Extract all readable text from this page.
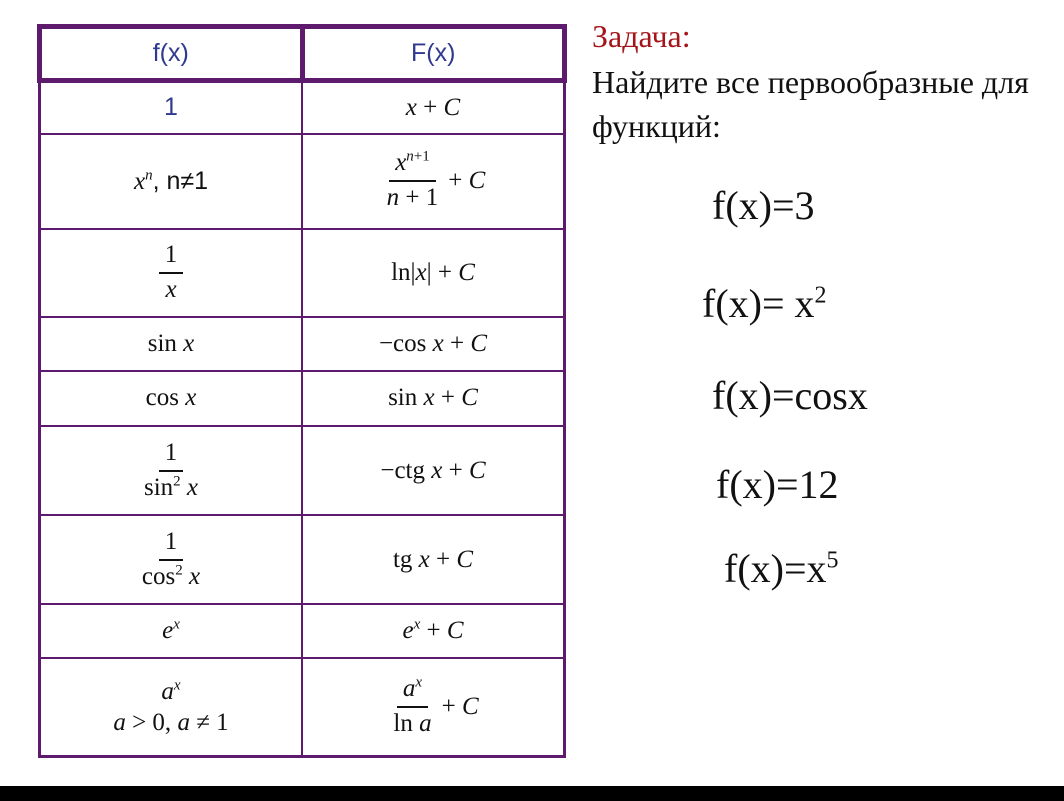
f(x)	F(x)
1	x + C
$x^n$, n≠1	$\frac{x^{n+1}}{n + 1} + C$

$\frac{1}{x}$	ln|x| + C
sin x	−cos x + C
cos x	sin x + C

$\frac{1}{\sin^2 x}$	−ctg x + C

$\frac{1}{\cos^2 x}$	tg x + C
$e^x$	$e^x + C$

$a^x$
a > 0, a ≠ 1	$\frac{a^x}{\text{ln a}} + C$

Задача:

Найдите все первообразные для функций:

f(x)=3
$f(x)= x^2$
f(x)=cosx
f(x)=12
$f(x)=x^5$
